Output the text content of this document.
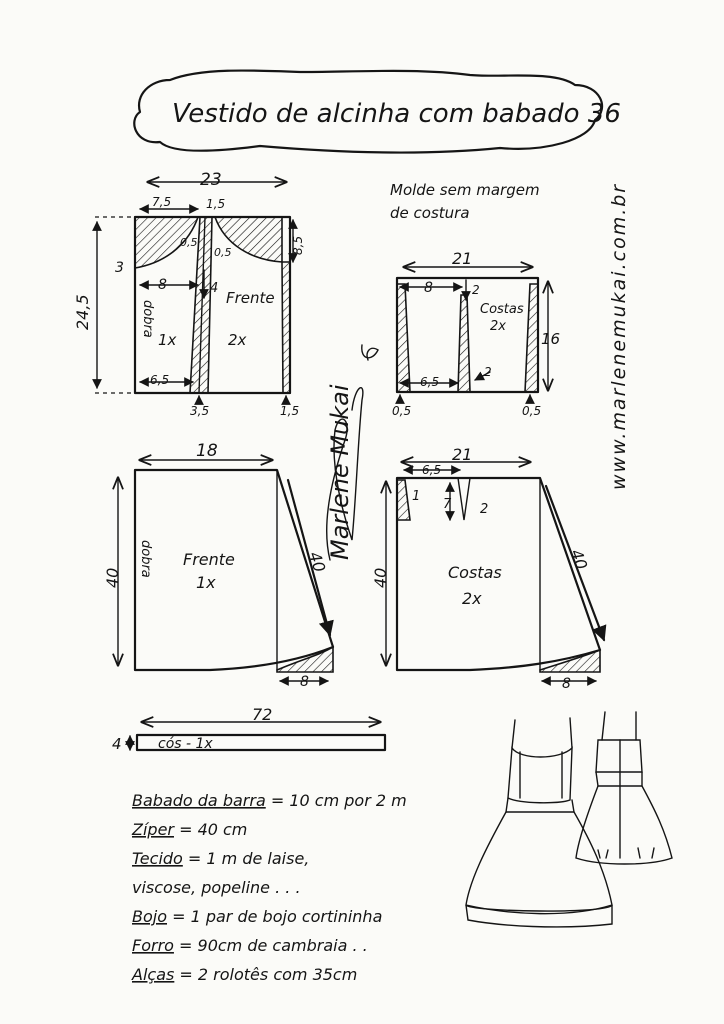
Vestido de alcinha com babado 36
Molde sem margem
de costura	www.marlenemukai.com.br
Marlene Mukai
23
24,5
7,5	1,5
0,5
0,5	8,5
3
8	4
Frente
dobra
1x	2x
6,5
3,5	1,5
21
8	2
Costas
2x
16
6,5
2
0,5	0,5
18
40
40
dobra Frente
1x
8
21
6,5
1
7 2
40
40	Costas
2x
8
72
4	cós - 1x
Babado da barra = 10 cm por 2 m
Zíper = 40 cm
Tecido = 1 m de laise,
viscose, popeline . . .
Bojo = 1 par de bojo cortininha
Forro = 90cm de cambraia . .
Alças = 2 rolotês com 35cm
